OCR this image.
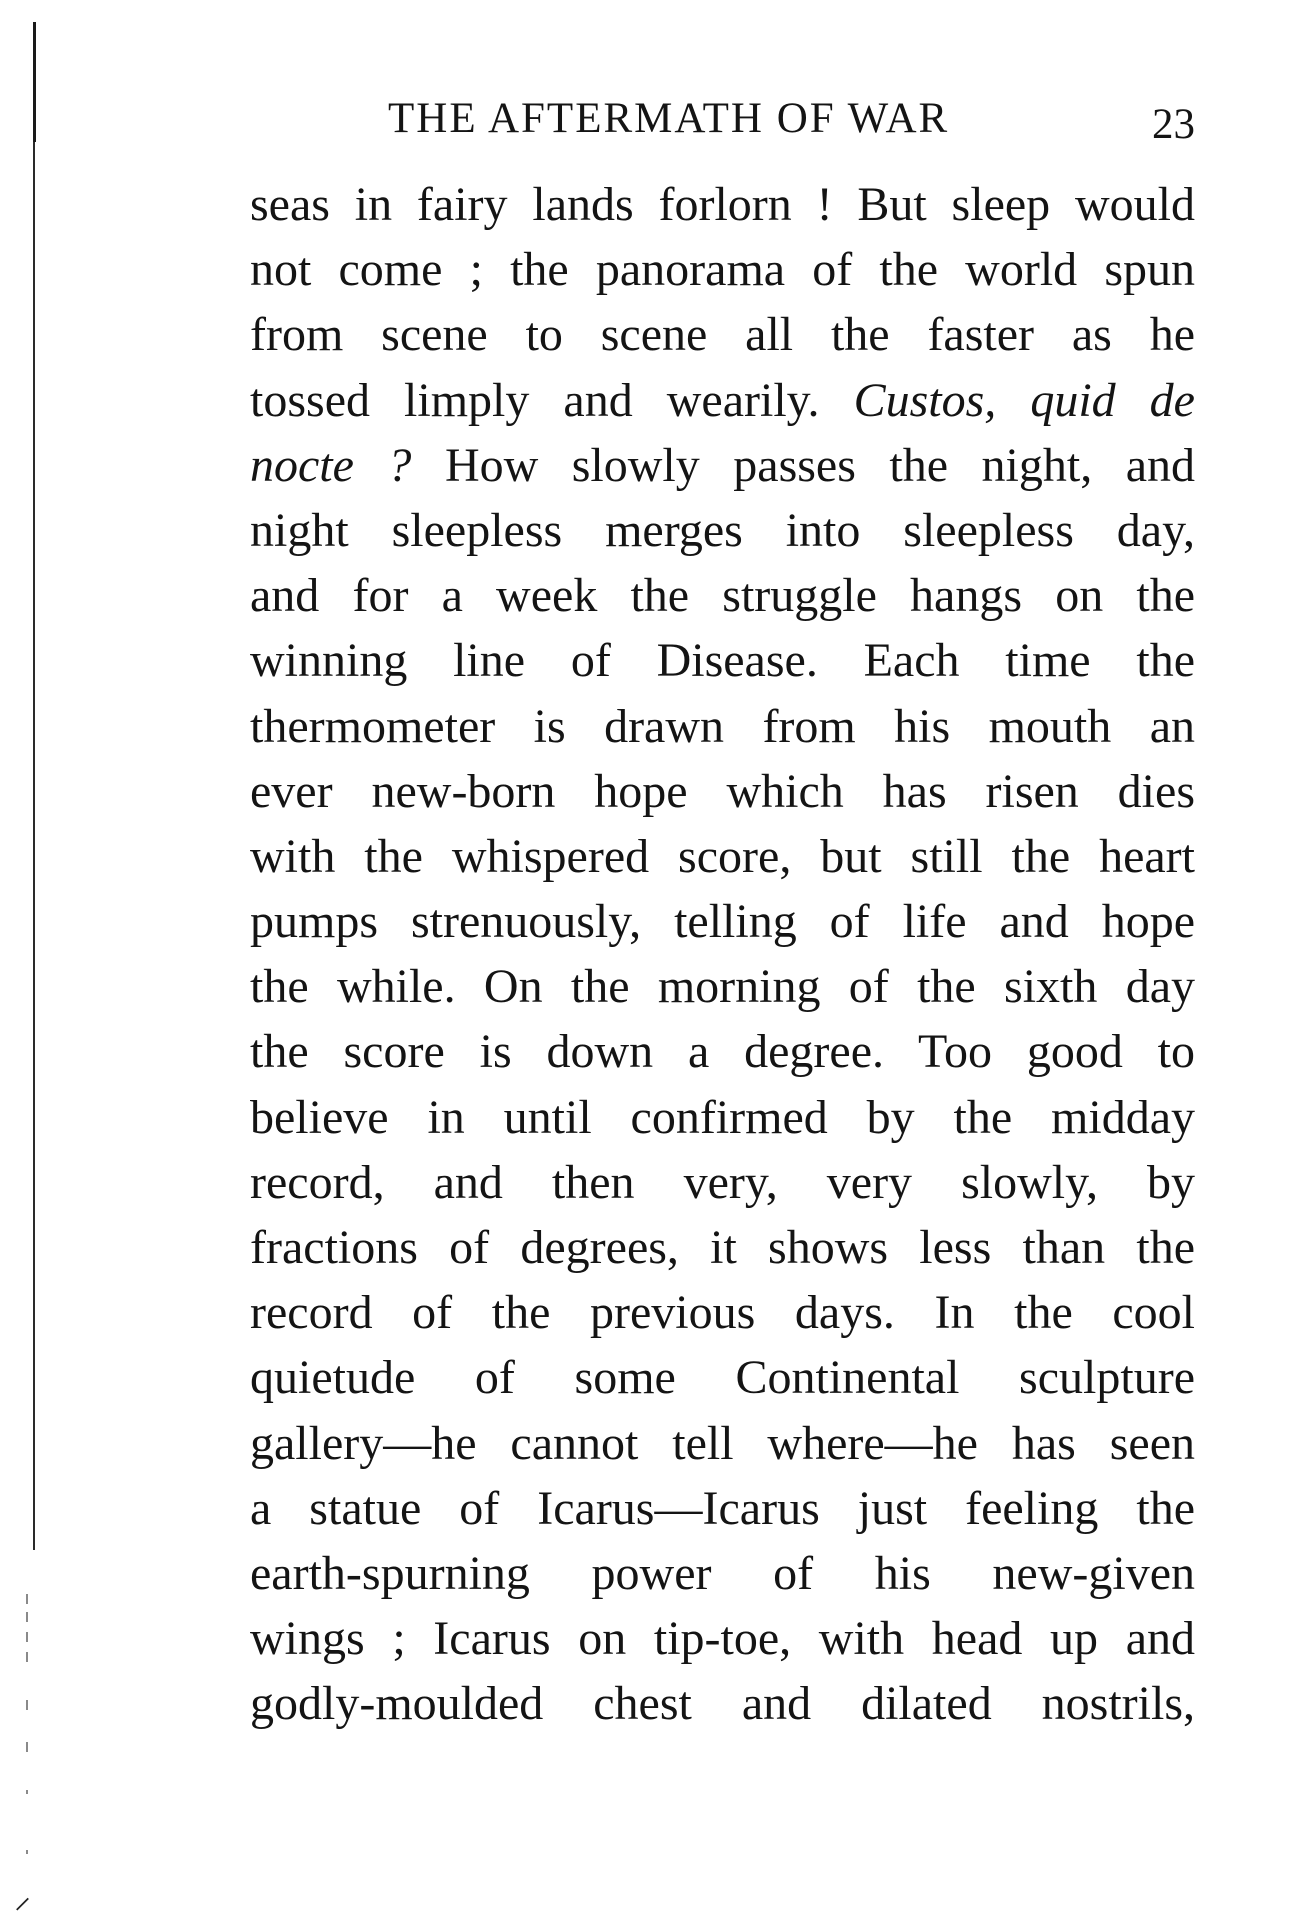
THE AFTERMATH OF WAR	23
seas in fairy lands forlorn ! But sleep would
not come ; the panorama of the world spun
from scene to scene all the faster as he
tossed limply and wearily. Custos, quid de
nocte ? How slowly passes the night, and
night sleepless merges into sleepless day,
and for a week the struggle hangs on the
winning line of Disease. Each time the
thermometer is drawn from his mouth an
ever new-born hope which has risen dies
with the whispered score, but still the heart
pumps strenuously, telling of life and hope
the while. On the morning of the sixth day
the score is down a degree. Too good to
believe in until confirmed by the midday
record, and then very, very slowly, by
fractions of degrees, it shows less than the
record of the previous days. In the cool
quietude of some Continental sculpture
gallery—he cannot tell where—he has seen
a statue of Icarus—Icarus just feeling the
earth-spurning power of his new-given
wings ; Icarus on tip-toe, with head up and
godly-moulded chest and dilated nostrils,
⸍
